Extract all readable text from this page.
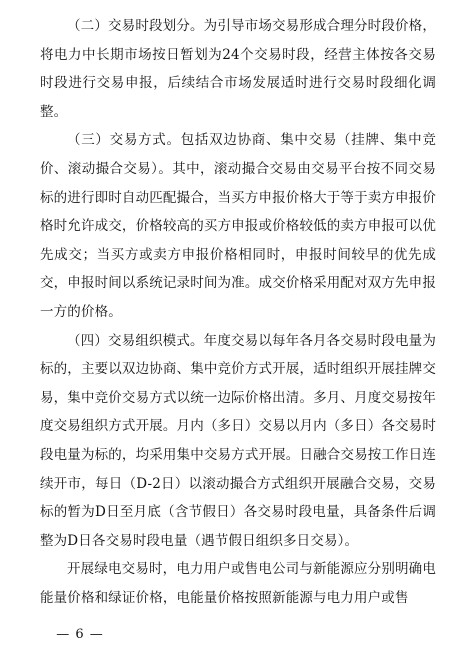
（二）交易时段划分。为引导市场交易形成合理分时段价格，将电力中长期市场按日暂划为24个交易时段，经营主体按各交易时段进行交易申报，后续结合市场发展适时进行交易时段细化调整。

（三）交易方式。包括双边协商、集中交易（挂牌、集中竞价、滚动撮合交易）。其中，滚动撮合交易由交易平台按不同交易标的进行即时自动匹配撮合，当买方申报价格大于等于卖方申报价格时允许成交，价格较高的买方申报或价格较低的卖方申报可以优先成交；当买方或卖方申报价格相同时，申报时间较早的优先成交，申报时间以系统记录时间为准。成交价格采用配对双方先申报一方的价格。

（四）交易组织模式。年度交易以每年各月各交易时段电量为标的，主要以双边协商、集中竞价方式开展，适时组织开展挂牌交易，集中竞价交易方式以统一边际价格出清。多月、月度交易按年度交易组织方式开展。月内（多日）交易以月内（多日）各交易时段电量为标的，均采用集中交易方式开展。日融合交易按工作日连续开市，每日（D-2日）以滚动撮合方式组织开展融合交易，交易标的暂为D日至月底（含节假日）各交易时段电量，具备条件后调整为D日各交易时段电量（遇节假日组织多日交易）。

开展绿电交易时，电力用户或售电公司与新能源应分别明确电能量价格和绿证价格，电能量价格按照新能源与电力用户或售

— 6 —
